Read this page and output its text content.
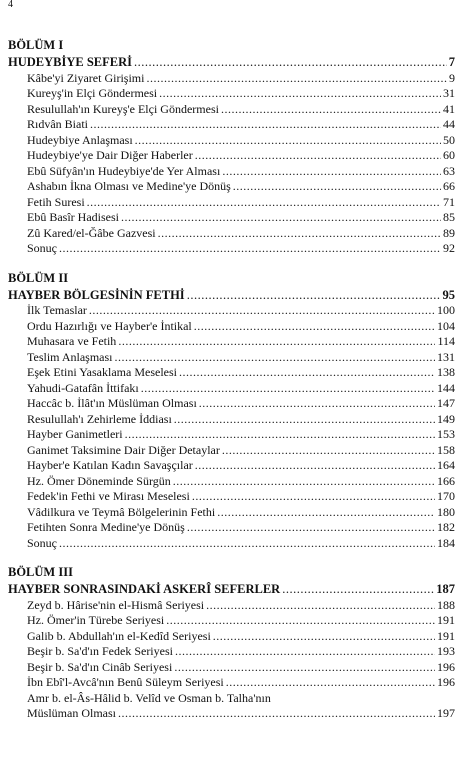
4
BÖLÜM I
HUDEYBİYE SEFERİ .....	7
Kâbe'yi Ziyaret Girişimi .....	9
Kureyş'in Elçi Göndermesi .....	31
Resulullah'ın Kureyş'e Elçi Göndermesi .....	41
Rıdvân Biati .....	44
Hudeybiye Anlaşması .....	50
Hudeybiye'ye Dair Diğer Haberler .....	60
Ebû Süfyân'ın Hudeybiye'de Yer Alması .....	63
Ashabın İkna Olması ve Medine'ye Dönüş .....	66
Fetih Suresi .....	71
Ebû Basîr Hadisesi .....	85
Zû Kared/el-Ğâbe Gazvesi .....	89
Sonuç .....	92
BÖLÜM II
HAYBER BÖLGESİNİN FETHİ .....	95
İlk Temaslar .....	100
Ordu Hazırlığı ve Hayber'e İntikal .....	104
Muhasara ve Fetih .....	114
Teslim Anlaşması .....	131
Eşek Etini Yasaklama Meselesi .....	138
Yahudi-Gatafân İttifakı .....	144
Haccâc b. İlât'ın Müslüman Olması .....	147
Resulullah'ı Zehirleme İddiası .....	149
Hayber Ganimetleri .....	153
Ganimet Taksimine Dair Diğer Detaylar .....	158
Hayber'e Katılan Kadın Savaşçılar .....	164
Hz. Ömer Döneminde Sürgün .....	166
Fedek'in Fethi ve Mirası Meselesi .....	170
Vâdilkura ve Teymâ Bölgelerinin Fethi .....	180
Fetihten Sonra Medine'ye Dönüş .....	182
Sonuç .....	184
BÖLÜM III
HAYBER SONRASINDAKİ ASKERÎ SEFERLER .....	187
Zeyd b. Hârise'nin el-Hismâ Seriyesi .....	188
Hz. Ömer'in Türebe Seriyesi .....	191
Galib b. Abdullah'ın el-Kedîd Seriyesi .....	191
Beşir b. Sa'd'ın Fedek Seriyesi .....	193
Beşir b. Sa'd'ın Cinâb Seriyesi .....	196
İbn Ebî'l-Avcâ'nın Benû Süleym Seriyesi .....	196
Amr b. el-Âs-Hâlid b. Velîd ve Osman b. Talha'nın
Müslüman Olması .....	197
